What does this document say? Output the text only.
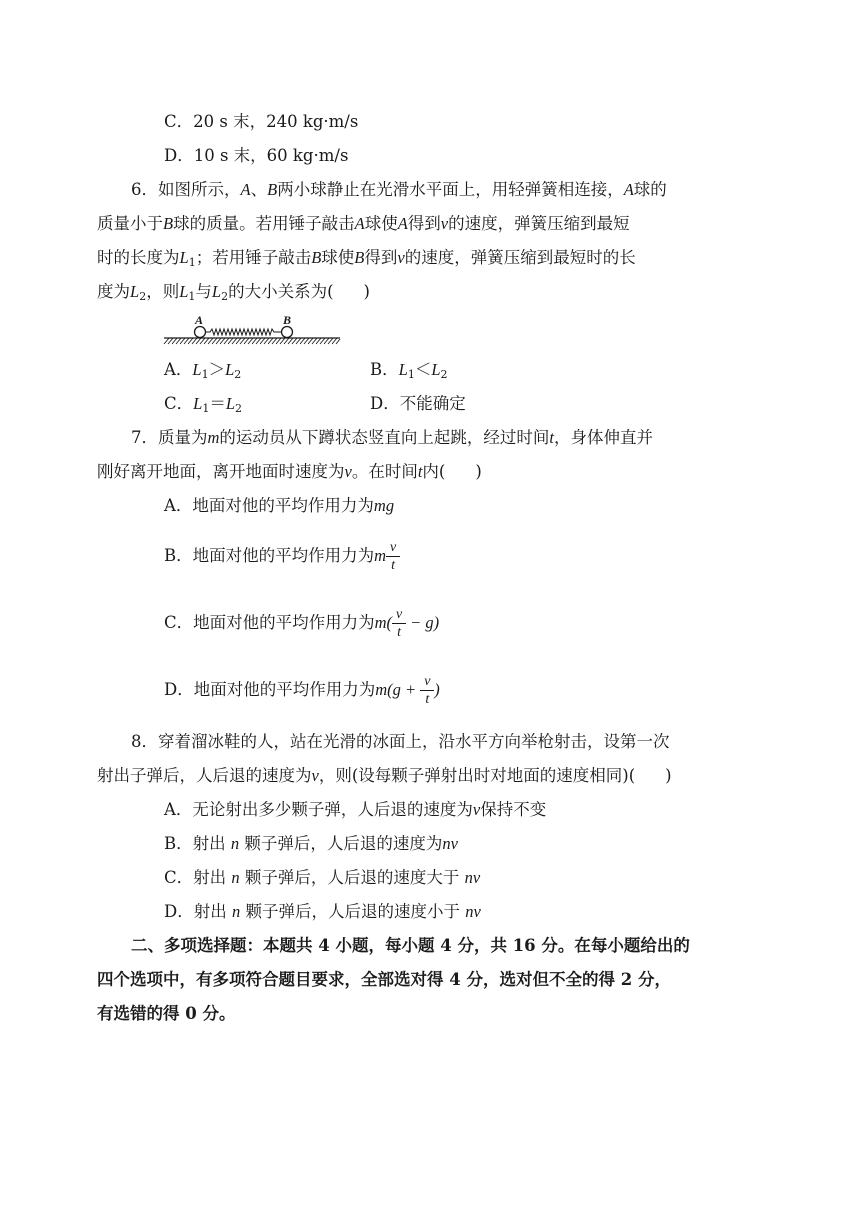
C．20 s 末，240 kg·m/s
D．10 s 末，60 kg·m/s
6．如图所示，A、B两小球静止在光滑水平面上，用轻弹簧相连接，A球的
质量小于B球的质量。若用锤子敲击A球使A得到v的速度，弹簧压缩到最短
时的长度为$L_1$；若用锤子敲击B球使B得到v的速度，弹簧压缩到最短时的长
度为$L_2$，则$L_1$与$L_2$的大小关系为( )
A	B
A．$L_1>L_2$	B．$L_1<L_2$
C．$L_1=L_2$	D．不能确定
7．质量为m的运动员从下蹲状态竖直向上起跳，经过时间t，身体伸直并
刚好离开地面，离开地面时速度为v。在时间t内( )
A．地面对他的平均作用力为mg
B．地面对他的平均作用力为m $\frac{v}{t}$
C．地面对他的平均作用力为$m( \frac{v}{t} - g)$
D．地面对他的平均作用力为$m(g + \frac{v}{t}$ )
8．穿着溜冰鞋的人，站在光滑的冰面上，沿水平方向举枪射击，设第一次
射出子弹后，人后退的速度为v，则(设每颗子弹射出时对地面的速度相同)( )
A．无论射出多少颗子弹，人后退的速度为v保持不变
B．射出 n 颗子弹后，人后退的速度为nv
C．射出 n 颗子弹后，人后退的速度大于 nv
D．射出 n 颗子弹后，人后退的速度小于 nv
二、多项选择题：本题共 4 小题，每小题 4 分，共 16 分。在每小题给出的
四个选项中，有多项符合题目要求，全部选对得 4 分，选对但不全的得 2 分，
有选错的得 0 分。
